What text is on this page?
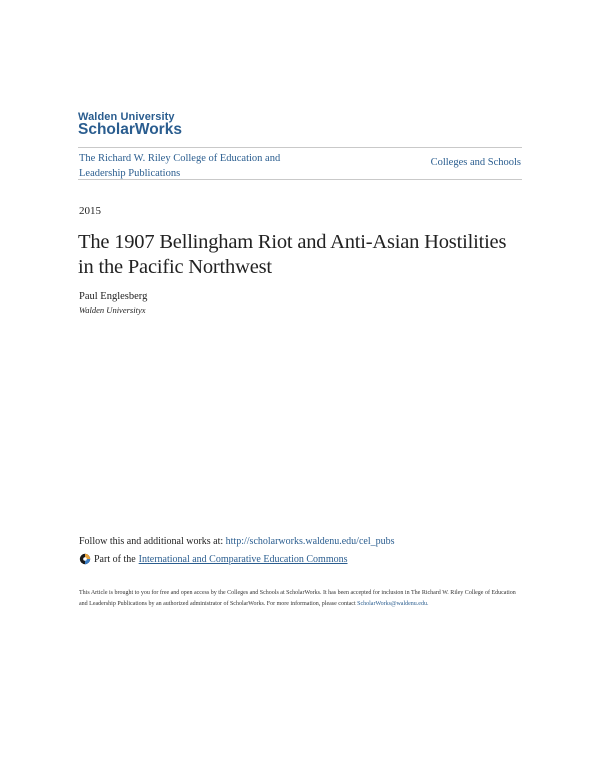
Walden University
ScholarWorks
The Richard W. Riley College of Education and Leadership Publications
Colleges and Schools
2015
The 1907 Bellingham Riot and Anti-Asian Hostilities in the Pacific Northwest
Paul Englesberg
Walden Universityx
Follow this and additional works at: http://scholarworks.waldenu.edu/cel_pubs
Part of the International and Comparative Education Commons
This Article is brought to you for free and open access by the Colleges and Schools at ScholarWorks. It has been accepted for inclusion in The Richard W. Riley College of Education and Leadership Publications by an authorized administrator of ScholarWorks. For more information, please contact ScholarWorks@waldenu.edu.
